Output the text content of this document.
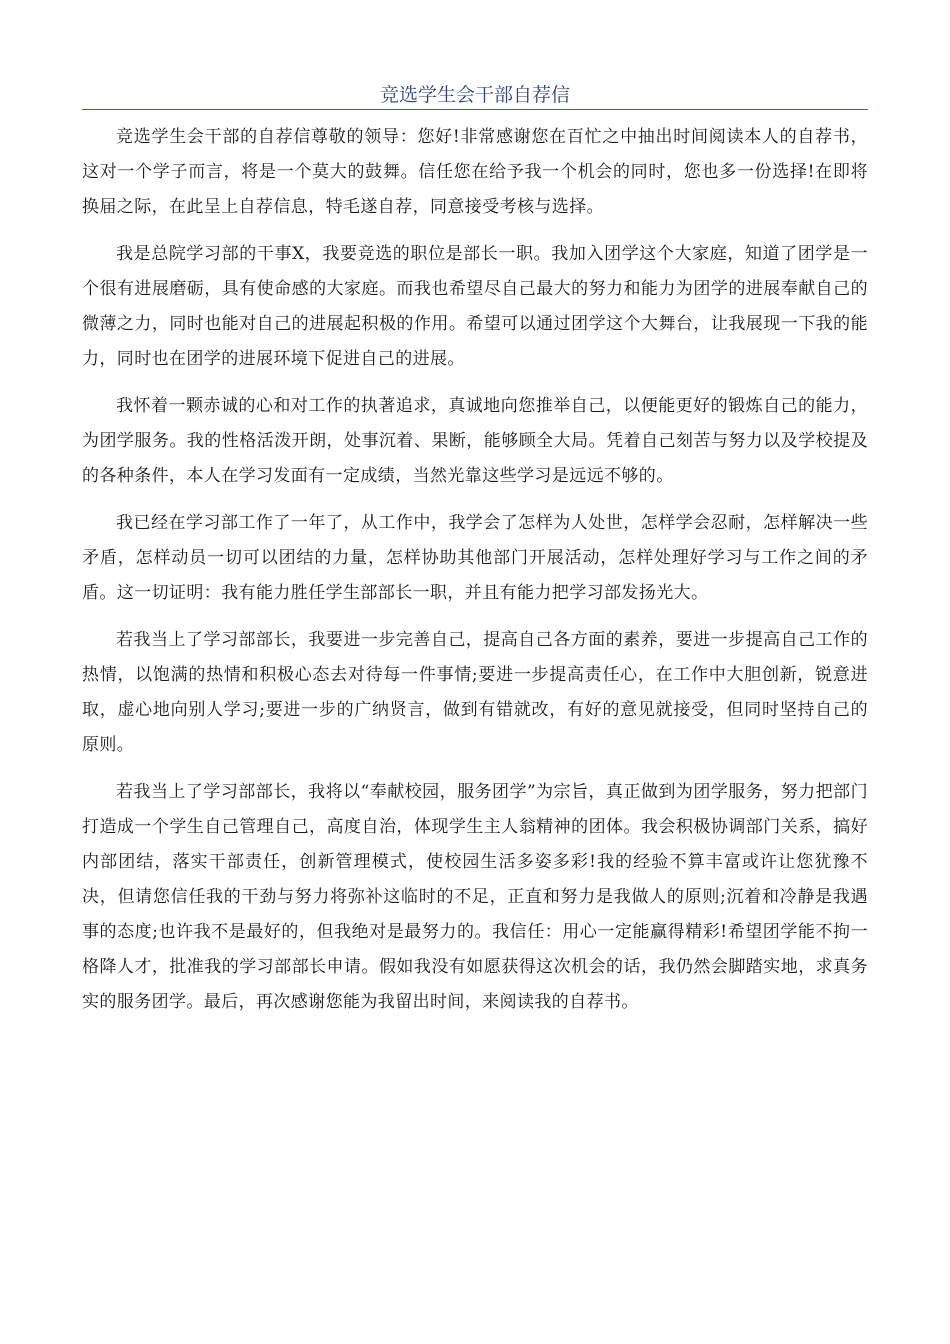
竞选学生会干部自荐信

竞选学生会干部的自荐信尊敬的领导：您好!非常感谢您在百忙之中抽出时间阅读本人的自荐书，这对一个学子而言，将是一个莫大的鼓舞。信任您在给予我一个机会的同时，您也多一份选择!在即将换届之际，在此呈上自荐信息，特毛遂自荐，同意接受考核与选择。

我是总院学习部的干事X，我要竞选的职位是部长一职。我加入团学这个大家庭，知道了团学是一个很有进展磨砺，具有使命感的大家庭。而我也希望尽自己最大的努力和能力为团学的进展奉献自己的微薄之力，同时也能对自己的进展起积极的作用。希望可以通过团学这个大舞台，让我展现一下我的能力，同时也在团学的进展环境下促进自己的进展。

我怀着一颗赤诚的心和对工作的执著追求，真诚地向您推举自己，以便能更好的锻炼自己的能力，为团学服务。我的性格活泼开朗，处事沉着、果断，能够顾全大局。凭着自己刻苦与努力以及学校提及的各种条件，本人在学习发面有一定成绩，当然光靠这些学习是远远不够的。

我已经在学习部工作了一年了，从工作中，我学会了怎样为人处世，怎样学会忍耐，怎样解决一些矛盾，怎样动员一切可以团结的力量，怎样协助其他部门开展活动，怎样处理好学习与工作之间的矛盾。这一切证明：我有能力胜任学生部部长一职，并且有能力把学习部发扬光大。

若我当上了学习部部长，我要进一步完善自己，提高自己各方面的素养，要进一步提高自己工作的热情，以饱满的热情和积极心态去对待每一件事情;要进一步提高责任心，在工作中大胆创新，锐意进取，虚心地向别人学习;要进一步的广纳贤言，做到有错就改，有好的意见就接受，但同时坚持自己的原则。

若我当上了学习部部长，我将以“奉献校园，服务团学”为宗旨，真正做到为团学服务，努力把部门打造成一个学生自己管理自己，高度自治，体现学生主人翁精神的团体。我会积极协调部门关系，搞好内部团结，落实干部责任，创新管理模式，使校园生活多姿多彩!我的经验不算丰富或许让您犹豫不决，但请您信任我的干劲与努力将弥补这临时的不足，正直和努力是我做人的原则;沉着和冷静是我遇事的态度;也许我不是最好的，但我绝对是最努力的。我信任：用心一定能赢得精彩!希望团学能不拘一格降人才，批准我的学习部部长申请。假如我没有如愿获得这次机会的话，我仍然会脚踏实地，求真务实的服务团学。最后，再次感谢您能为我留出时间，来阅读我的自荐书。
